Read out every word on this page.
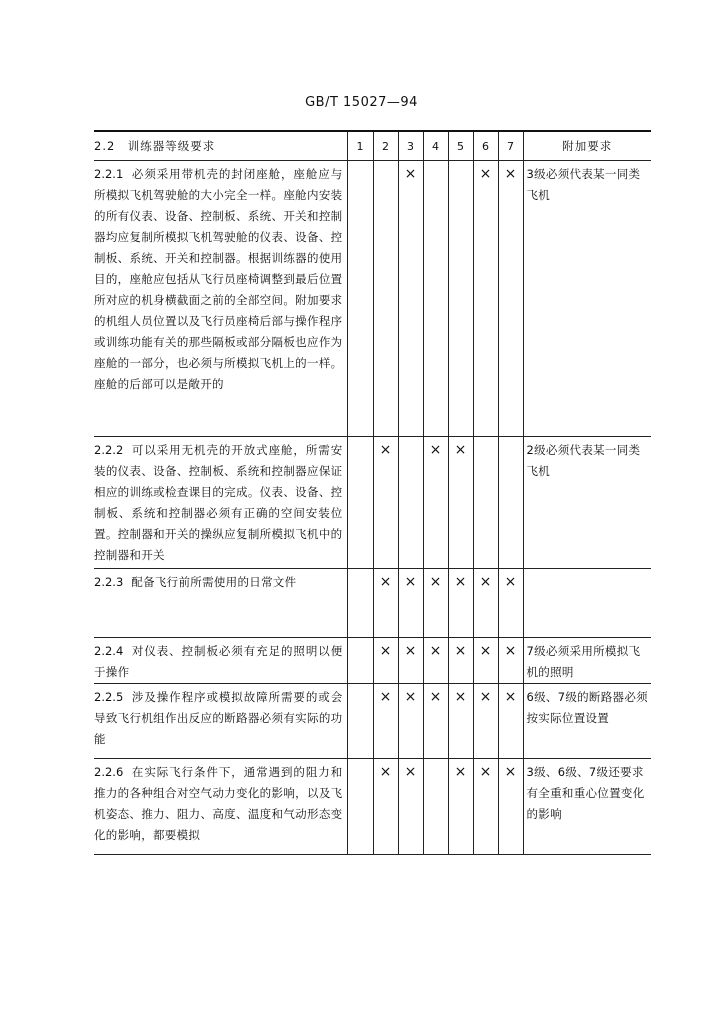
GB/T 15027—94
2.2　训练器等级要求	1	2	3	4	5	6	7	附加要求
2.2.1 必须采用带机壳的封闭座舱，座舱应与所模拟飞机驾驶舱的大小完全一样。座舱内安装的所有仪表、设备、控制板、系统、开关和控制器均应复制所模拟飞机驾驶舱的仪表、设备、控制板、系统、开关和控制器。根据训练器的使用目的，座舱应包括从飞行员座椅调整到最后位置所对应的机身横截面之前的全部空间。附加要求的机组人员位置以及飞行员座椅后部与操作程序或训练功能有关的那些隔板或部分隔板也应作为座舱的一部分，也必须与所模拟飞机上的一样。座舱的后部可以是敞开的			×			×	×	3级必须代表某一同类飞机
2.2.2 可以采用无机壳的开放式座舱，所需安装的仪表、设备、控制板、系统和控制器应保证相应的训练或检查课目的完成。仪表、设备、控制板、系统和控制器必须有正确的空间安装位置。控制器和开关的操纵应复制所模拟飞机中的控制器和开关		×		×	×			2级必须代表某一同类飞机
2.2.3 配备飞行前所需使用的日常文件		×	×	×	×	×	×	
2.2.4 对仪表、控制板必须有充足的照明以便于操作		×	×	×	×	×	×	7级必须采用所模拟飞机的照明
2.2.5 涉及操作程序或模拟故障所需要的或会导致飞行机组作出反应的断路器必须有实际的功能		×	×	×	×	×	×	6级、7级的断路器必须按实际位置设置
2.2.6 在实际飞行条件下，通常遇到的阻力和推力的各种组合对空气动力变化的影响，以及飞机姿态、推力、阻力、高度、温度和气动形态变化的影响，都要模拟		×	×		×	×	×	3级、6级、7级还要求有全重和重心位置变化的影响
